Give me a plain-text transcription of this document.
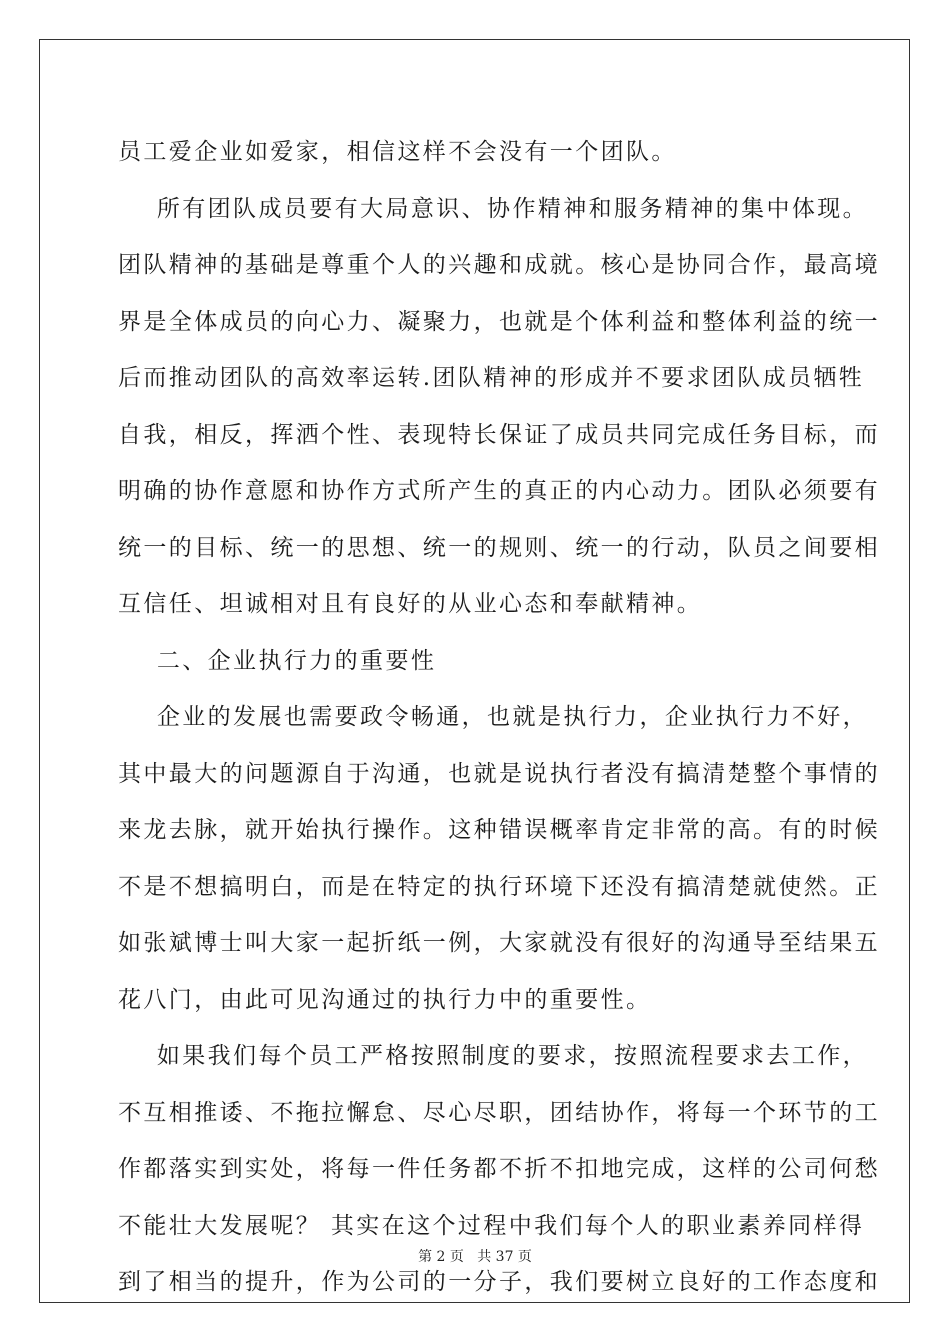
员工爱企业如爱家，相信这样不会没有一个团队。
所有团队成员要有大局意识、协作精神和服务精神的集中体现。
团队精神的基础是尊重个人的兴趣和成就。核心是协同合作，最高境
界是全体成员的向心力、凝聚力，也就是个体利益和整体利益的统一
后而推动团队的高效率运转.团队精神的形成并不要求团队成员牺牲
自我，相反，挥洒个性、表现特长保证了成员共同完成任务目标，而
明确的协作意愿和协作方式所产生的真正的内心动力。团队必须要有
统一的目标、统一的思想、统一的规则、统一的行动，队员之间要相
互信任、坦诚相对且有良好的从业心态和奉献精神。
二、企业执行力的重要性
企业的发展也需要政令畅通，也就是执行力，企业执行力不好，
其中最大的问题源自于沟通，也就是说执行者没有搞清楚整个事情的
来龙去脉，就开始执行操作。这种错误概率肯定非常的高。有的时候
不是不想搞明白，而是在特定的执行环境下还没有搞清楚就使然。正
如张斌博士叫大家一起折纸一例，大家就没有很好的沟通导至结果五
花八门，由此可见沟通过的执行力中的重要性。
如果我们每个员工严格按照制度的要求，按照流程要求去工作，
不互相推诿、不拖拉懈怠、尽心尽职，团结协作，将每一个环节的工
作都落实到实处，将每一件任务都不折不扣地完成，这样的公司何愁
不能壮大发展呢？ 其实在这个过程中我们每个人的职业素养同样得
到了相当的提升，作为公司的一分子，我们要树立良好的工作态度和
第 2 页   共 37 页
